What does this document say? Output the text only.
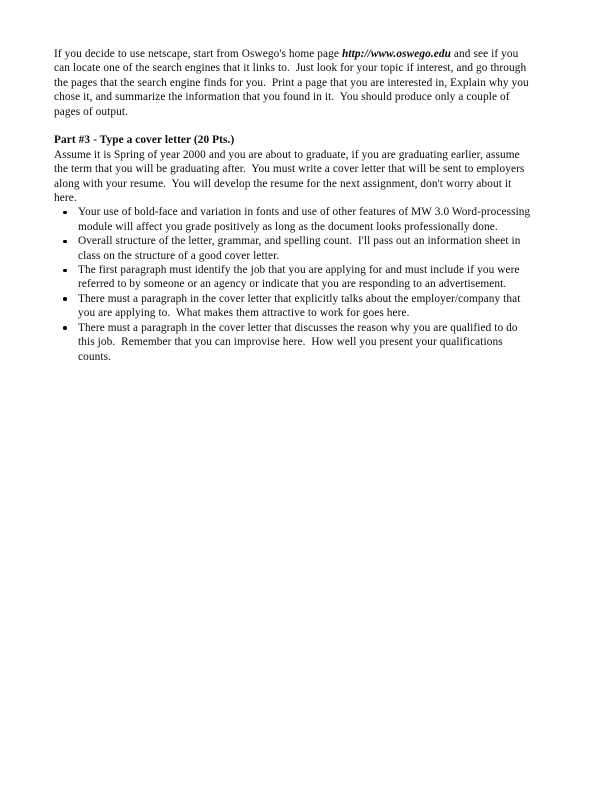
If you decide to use netscape, start from Oswego's home page http://www.oswego.edu and see if you
can locate one of the search engines that it links to.  Just look for your topic if interest, and go through
the pages that the search engine finds for you.  Print a page that you are interested in, Explain why you
chose it, and summarize the information that you found in it.  You should produce only a couple of
pages of output.

Part #3 - Type a cover letter (20 Pts.)

Assume it is Spring of year 2000 and you are about to graduate, if you are graduating earlier, assume
the term that you will be graduating after.  You must write a cover letter that will be sent to employers
along with your resume.  You will develop the resume for the next assignment, don't worry about it
here.

Your use of bold-face and variation in fonts and use of other features of MW 3.0 Word-processing
module will affect you grade positively as long as the document looks professionally done.
Overall structure of the letter, grammar, and spelling count.  I'll pass out an information sheet in
class on the structure of a good cover letter.
The first paragraph must identify the job that you are applying for and must include if you were
referred to by someone or an agency or indicate that you are responding to an advertisement.
There must a paragraph in the cover letter that explicitly talks about the employer/company that
you are applying to.  What makes them attractive to work for goes here.
There must a paragraph in the cover letter that discusses the reason why you are qualified to do
this job.  Remember that you can improvise here.  How well you present your qualifications
counts.
